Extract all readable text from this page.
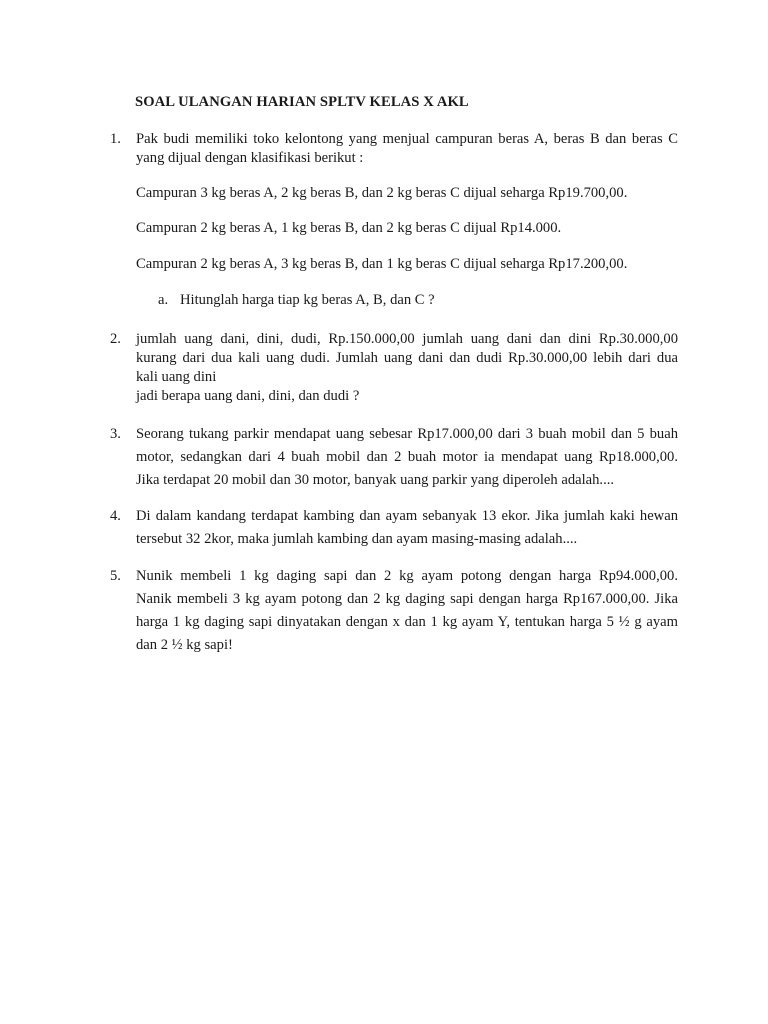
SOAL ULANGAN HARIAN SPLTV KELAS X AKL
1. Pak budi memiliki toko kelontong yang menjual campuran beras A, beras B dan beras C
yang dijual dengan klasifikasi berikut :
Campuran 3 kg beras A, 2 kg beras B, dan 2 kg beras C dijual seharga Rp19.700,00.
Campuran 2 kg beras A, 1 kg beras B, dan 2 kg beras C dijual Rp14.000.
Campuran 2 kg beras A, 3 kg beras B, dan 1 kg beras C dijual seharga Rp17.200,00.
a. Hitunglah harga tiap kg beras A, B, dan C ?
2. jumlah uang dani, dini, dudi, Rp.150.000,00 jumlah uang dani dan dini Rp.30.000,00
kurang dari dua kali uang dudi. Jumlah uang dani dan dudi Rp.30.000,00 lebih dari dua
kali uang dini
jadi berapa uang dani, dini, dan dudi ?
3. Seorang tukang parkir mendapat uang sebesar Rp17.000,00 dari 3 buah mobil dan 5 buah
motor, sedangkan dari 4 buah mobil dan 2 buah motor ia mendapat uang Rp18.000,00.
Jika terdapat 20 mobil dan 30 motor, banyak uang parkir yang diperoleh adalah....
4. Di dalam kandang terdapat kambing dan ayam sebanyak 13 ekor. Jika jumlah kaki hewan
tersebut 32 2kor, maka jumlah kambing dan ayam masing-masing adalah....
5. Nunik membeli 1 kg daging sapi dan 2 kg ayam potong dengan harga Rp94.000,00.
Nanik membeli 3 kg ayam potong dan 2 kg daging sapi dengan harga Rp167.000,00. Jika
harga 1 kg daging sapi dinyatakan dengan x dan 1 kg ayam Y, tentukan harga 5 ½ g ayam
dan 2 ½ kg sapi!
